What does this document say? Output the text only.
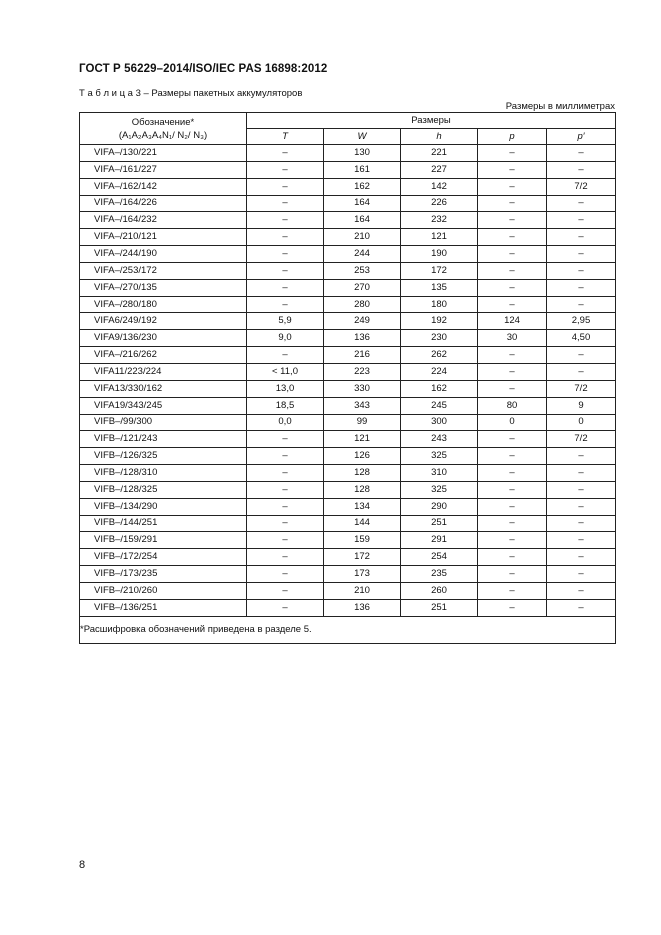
ГОСТ Р 56229–2014/ISO/IEC PAS 16898:2012
Т а б л и ц а 3 – Размеры пакетных аккумуляторов
Размеры в миллиметрах
Обозначение*
(A₁A₂A₃A₄N₁/ N₂/ N₃)	Размеры				
	T	W	h	p	p′
VIFA–/130/221	–	130	221	–	–
VIFA–/161/227	–	161	227	–	–
VIFA–/162/142	–	162	142	–	7/2
VIFA–/164/226	–	164	226	–	–
VIFA–/164/232	–	164	232	–	–
VIFA–/210/121	–	210	121	–	–
VIFA–/244/190	–	244	190	–	–
VIFA–/253/172	–	253	172	–	–
VIFA–/270/135	–	270	135	–	–
VIFA–/280/180	–	280	180	–	–
VIFA6/249/192	5,9	249	192	124	2,95
VIFA9/136/230	9,0	136	230	30	4,50
VIFA–/216/262	–	216	262	–	–
VIFA11/223/224	< 11,0	223	224	–	–
VIFA13/330/162	13,0	330	162	–	7/2
VIFA19/343/245	18,5	343	245	80	9
VIFB–/99/300	0,0	99	300	0	0
VIFB–/121/243	–	121	243	–	7/2
VIFB–/126/325	–	126	325	–	–
VIFB–/128/310	–	128	310	–	–
VIFB–/128/325	–	128	325	–	–
VIFB–/134/290	–	134	290	–	–
VIFB–/144/251	–	144	251	–	–
VIFB–/159/291	–	159	291	–	–
VIFB–/172/254	–	172	254	–	–
VIFB–/173/235	–	173	235	–	–
VIFB–/210/260	–	210	260	–	–
VIFB–/136/251	–	136	251	–	–
*Расшифровка обозначений приведена в разделе 5.					
8
